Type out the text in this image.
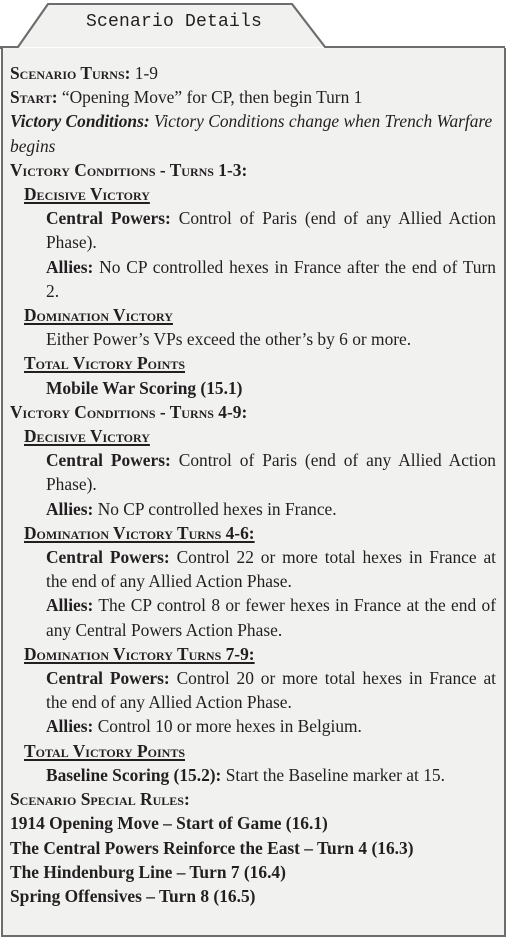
Scenario Details

Scenario Turns: 1-9

Start: “Opening Move” for CP, then begin Turn 1

Victory Conditions: Victory Conditions change when Trench Warfare begins

Victory Conditions - Turns 1-3:

Decisive Victory

Central Powers: Control of Paris (end of any Allied Action Phase).

Allies: No CP controlled hexes in France after the end of Turn 2.

Domination Victory

Either Power’s VPs exceed the other’s by 6 or more.

Total Victory Points

Mobile War Scoring (15.1)

Victory Conditions - Turns 4-9:

Decisive Victory

Central Powers: Control of Paris (end of any Allied Action Phase).

Allies: No CP controlled hexes in France.

Domination Victory Turns 4-6:

Central Powers: Control 22 or more total hexes in France at the end of any Allied Action Phase.

Allies: The CP control 8 or fewer hexes in France at the end of any Central Powers Action Phase.

Domination Victory Turns 7-9:

Central Powers: Control 20 or more total hexes in France at the end of any Allied Action Phase.

Allies: Control 10 or more hexes in Belgium.

Total Victory Points

Baseline Scoring (15.2): Start the Baseline marker at 15.

Scenario Special Rules:

1914 Opening Move – Start of Game (16.1)

The Central Powers Reinforce the East – Turn 4 (16.3)

The Hindenburg Line – Turn 7 (16.4)

Spring Offensives – Turn 8 (16.5)
